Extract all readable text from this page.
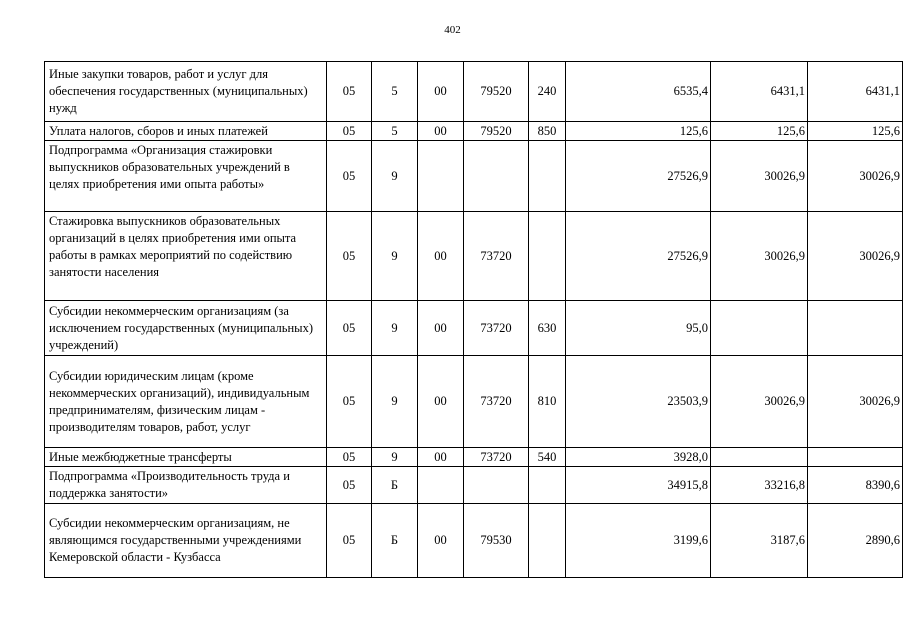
402
Иные закупки товаров, работ и услуг для обеспечения государственных (муниципальных) нужд	05	5	00	79520	240	6535,4	6431,1	6431,1
Уплата налогов, сборов и иных платежей	05	5	00	79520	850	125,6	125,6	125,6
Подпрограмма «Организация стажировки выпускников образовательных учреждений в целях приобретения ими опыта работы»	05	9				27526,9	30026,9	30026,9
Стажировка выпускников образовательных организаций в целях приобретения ими опыта работы в рамках мероприятий по содействию занятости населения	05	9	00	73720		27526,9	30026,9	30026,9
Субсидии некоммерческим организациям (за исключением государственных (муниципальных) учреждений)	05	9	00	73720	630	95,0		
Субсидии юридическим лицам (кроме некоммерческих организаций), индивидуальным предпринимателям, физическим лицам - производителям товаров, работ, услуг	05	9	00	73720	810	23503,9	30026,9	30026,9
Иные межбюджетные трансферты	05	9	00	73720	540	3928,0		
Подпрограмма «Производительность труда и поддержка занятости»	05	Б				34915,8	33216,8	8390,6
Субсидии некоммерческим организациям, не являющимся государственными учреждениями Кемеровской области - Кузбасса	05	Б	00	79530		3199,6	3187,6	2890,6
